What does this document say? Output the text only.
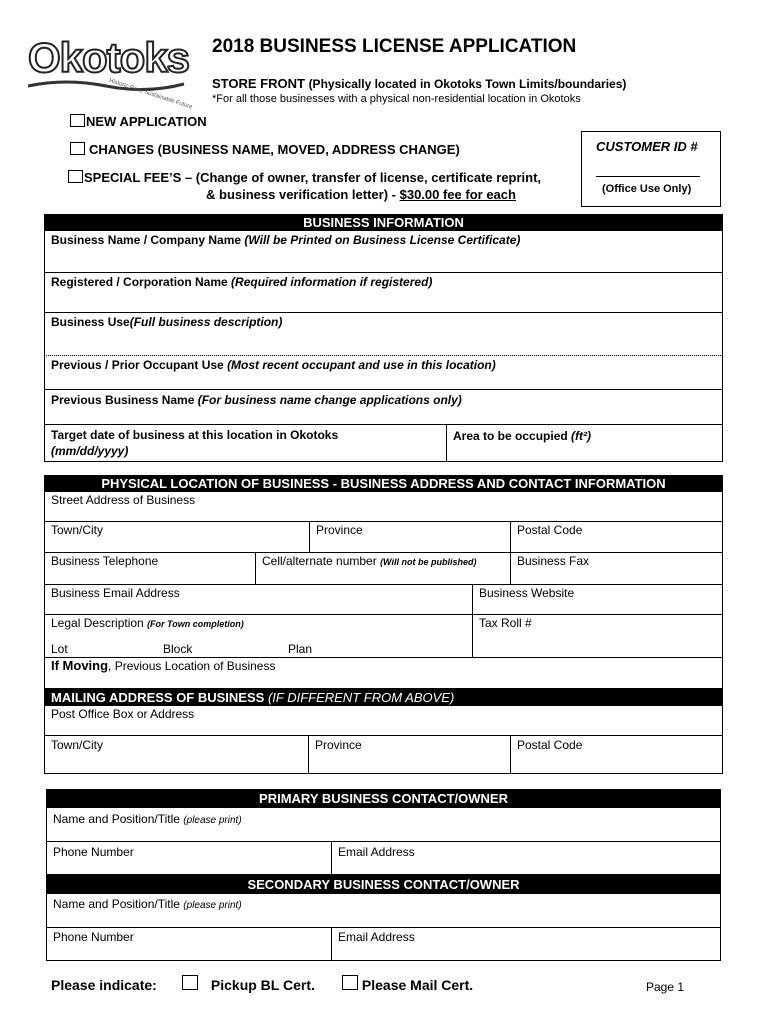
Okotoks
Historic Past, Sustainable Future
2018 BUSINESS LICENSE APPLICATION
STORE FRONT (Physically located in Okotoks Town Limits/boundaries)
*For all those businesses with a physical non-residential location in Okotoks
NEW APPLICATION
CHANGES (BUSINESS NAME, MOVED, ADDRESS CHANGE)
SPECIAL FEE’S – (Change of owner, transfer of license, certificate reprint,
& business verification letter) - $30.00 fee for each
CUSTOMER ID #
(Office Use Only)
BUSINESS INFORMATION
Business Name / Company Name (Will be Printed on Business License Certificate)
Registered / Corporation Name (Required information if registered)
Business Use(Full business description)
Previous / Prior Occupant Use (Most recent occupant and use in this location)
Previous Business Name (For business name change applications only)
Target date of business at this location in Okotoks
(mm/dd/yyyy)
Area to be occupied (ft²)
PHYSICAL LOCATION OF BUSINESS - BUSINESS ADDRESS AND CONTACT INFORMATION
Street Address of Business
Town/City	Province	Postal Code
Business Telephone	Cell/alternate number (Will not be published)	Business Fax
Business Email Address	Business Website
Legal Description (For Town completion)	Tax Roll #
Lot	Block	Plan
If Moving, Previous Location of Business
MAILING ADDRESS OF BUSINESS (IF DIFFERENT FROM ABOVE)
Post Office Box or Address
Town/City	Province	Postal Code
PRIMARY BUSINESS CONTACT/OWNER
Name and Position/Title (please print)
Phone Number	Email Address
SECONDARY BUSINESS CONTACT/OWNER
Name and Position/Title (please print)
Phone Number	Email Address
Please indicate:	Pickup BL Cert.	Please Mail Cert.	Page 1
